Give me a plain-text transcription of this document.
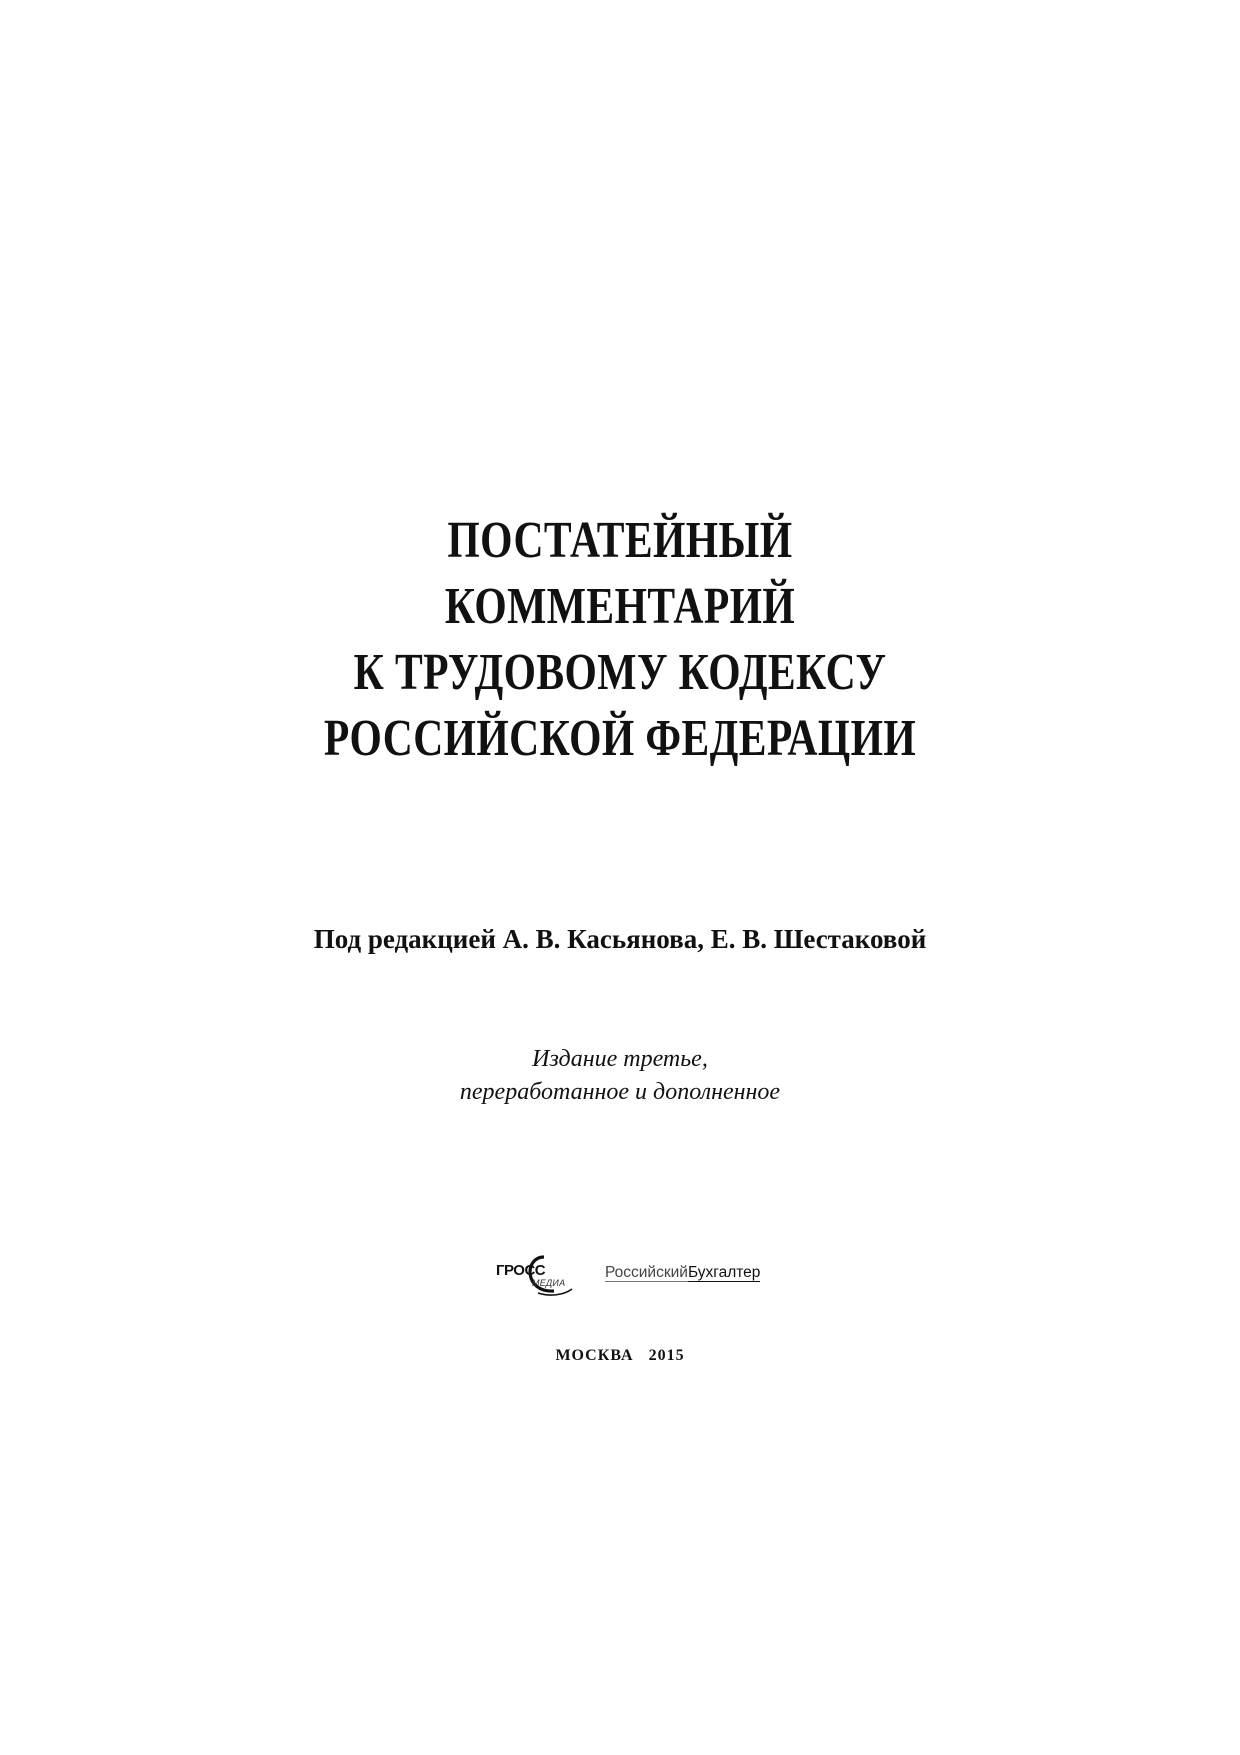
ПОСТАТЕЙНЫЙ
КОММЕНТАРИЙ
К ТРУДОВОМУ КОДЕКСУ
РОССИЙСКОЙ ФЕДЕРАЦИИ
Под редакцией А. В. Касьянова, Е. В. Шестаковой
Издание третье,
переработанное и дополненное
ГРОСС
МЕДИА
РоссийскийБухгалтер
МОСКВА 2015
